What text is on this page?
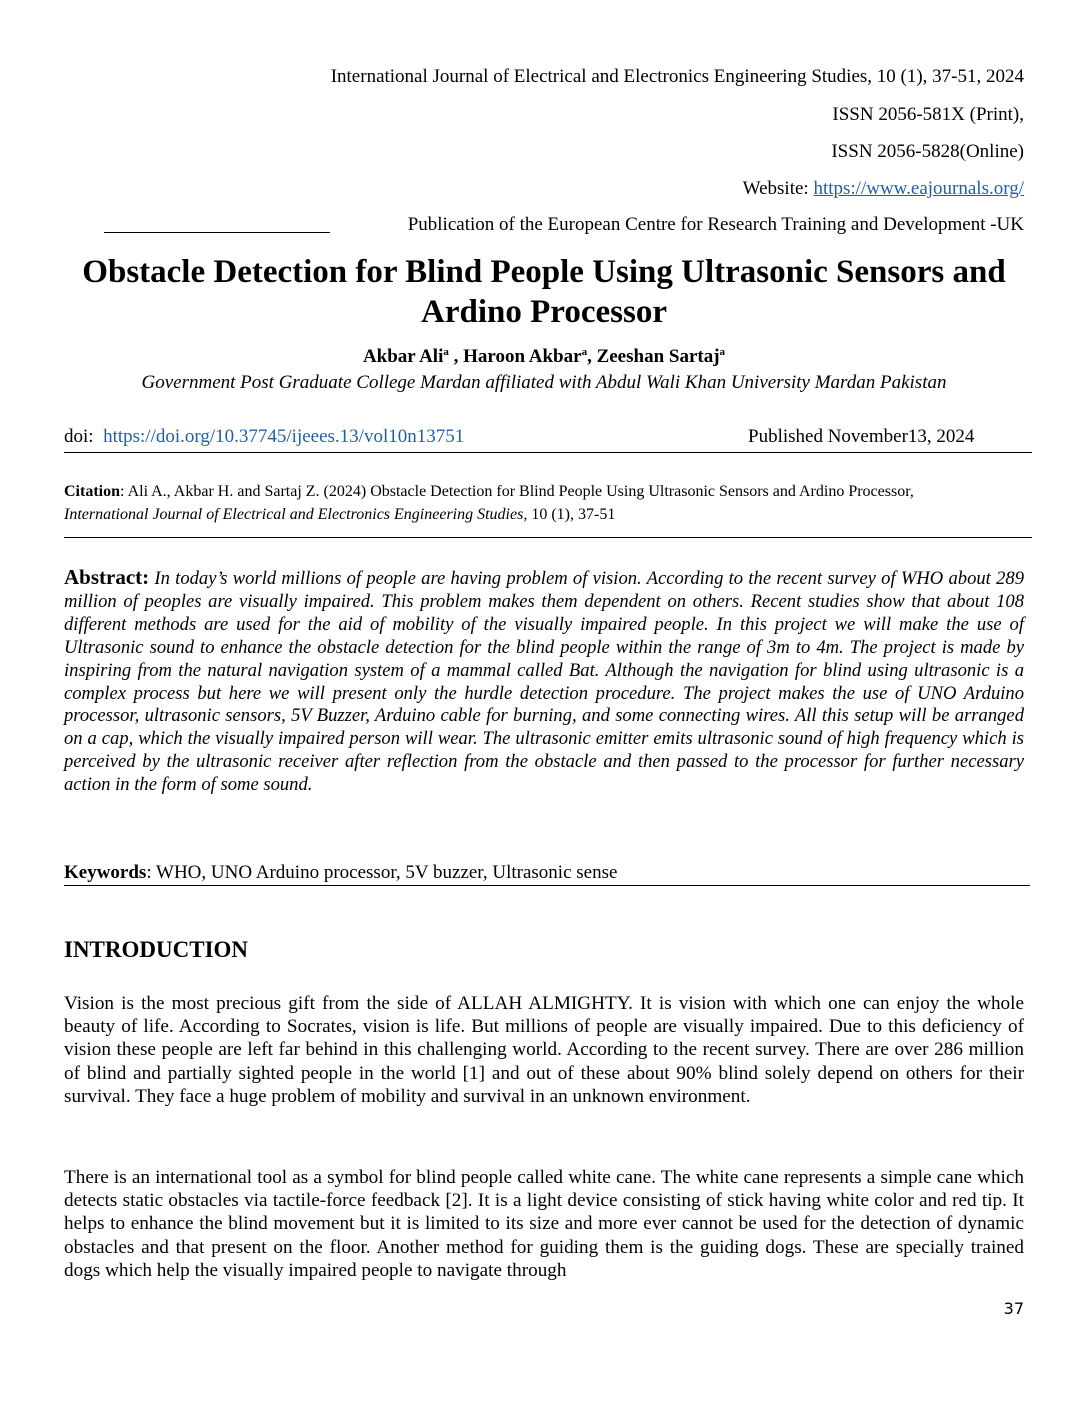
International Journal of Electrical and Electronics Engineering Studies, 10 (1), 37-51, 2024
ISSN 2056-581X (Print),
ISSN 2056-5828(Online)
Website: https://www.eajournals.org/
Publication of the European Centre for Research Training and Development -UK
Obstacle Detection for Blind People Using Ultrasonic Sensors and Ardino Processor
Akbar Ali$^a$ , Haroon Akbar$^a$, Zeeshan Sartaj$^a$
Government Post Graduate College Mardan affiliated with Abdul Wali Khan University Mardan Pakistan
doi: https://doi.org/10.37745/ijeees.13/vol10n13751	Published November13, 2024
Citation: Ali A., Akbar H. and Sartaj Z. (2024) Obstacle Detection for Blind People Using Ultrasonic Sensors and Ardino Processor,
International Journal of Electrical and Electronics Engineering Studies, 10 (1), 37-51
Abstract: In today’s world millions of people are having problem of vision. According to the recent survey of WHO about 289 million of peoples are visually impaired. This problem makes them dependent on others. Recent studies show that about 108 different methods are used for the aid of mobility of the visually impaired people. In this project we will make the use of Ultrasonic sound to enhance the obstacle detection for the blind people within the range of 3m to 4m. The project is made by inspiring from the natural navigation system of a mammal called Bat. Although the navigation for blind using ultrasonic is a complex process but here we will present only the hurdle detection procedure. The project makes the use of UNO Arduino processor, ultrasonic sensors, 5V Buzzer, Arduino cable for burning, and some connecting wires. All this setup will be arranged on a cap, which the visually impaired person will wear. The ultrasonic emitter emits ultrasonic sound of high frequency which is perceived by the ultrasonic receiver after reflection from the obstacle and then passed to the processor for further necessary action in the form of some sound.
Keywords: WHO, UNO Arduino processor, 5V buzzer, Ultrasonic sense
INTRODUCTION
Vision is the most precious gift from the side of ALLAH ALMIGHTY. It is vision with which one can enjoy the whole beauty of life. According to Socrates, vision is life. But millions of people are visually impaired. Due to this deficiency of vision these people are left far behind in this challenging world. According to the recent survey. There are over 286 million of blind and partially sighted people in the world [1] and out of these about 90% blind solely depend on others for their survival. They face a huge problem of mobility and survival in an unknown environment.
There is an international tool as a symbol for blind people called white cane. The white cane represents a simple cane which detects static obstacles via tactile-force feedback [2]. It is a light device consisting of stick having white color and red tip. It helps to enhance the blind movement but it is limited to its size and more ever cannot be used for the detection of dynamic obstacles and that present on the floor. Another method for guiding them is the guiding dogs. These are specially trained dogs which help the visually impaired people to navigate through
37
